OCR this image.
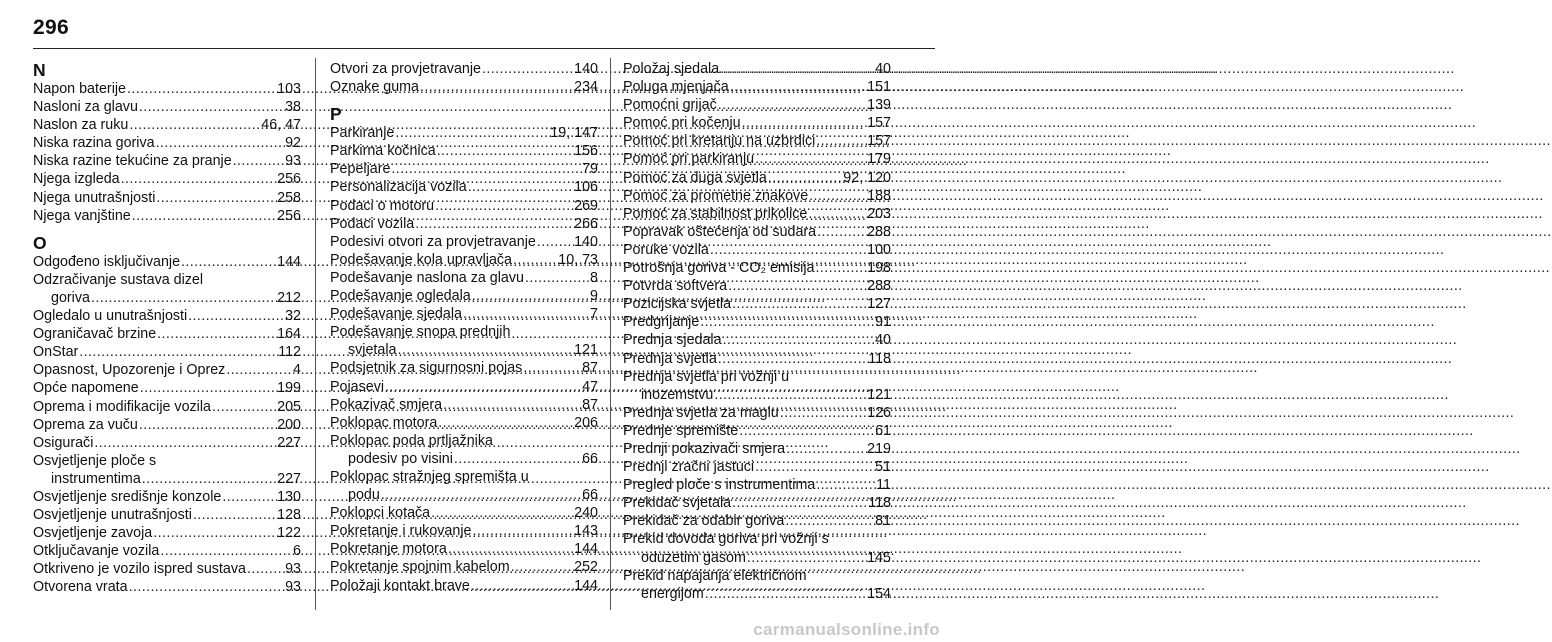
296
N
Napon baterije .....	103
Nasloni za glavu .....	38
Naslon za ruku .....	46, 47
Niska razina goriva .....	92
Niska razine tekućine za pranje .....	93
Njega izgleda .....	256
Njega unutrašnjosti .....	258
Njega vanjštine .....	256
O
Odgođeno isključivanje .....	144
Odzračivanje sustava dizel
goriva .....	212
Ogledalo u unutrašnjosti .....	32
Ograničavač brzine .....	164
OnStar .....	112
Opasnost, Upozorenje i Oprez .....	4
Opće napomene .....	199
Oprema i modifikacije vozila .....	205
Oprema za vuču .....	200
Osigurači .....	227
Osvjetljenje ploče s
instrumentima .....	227
Osvjetljenje središnje konzole .....	130
Osvjetljenje unutrašnjosti .....	128
Osvjetljenje zavoja .....	122
Otključavanje vozila .....	6
Otkriveno je vozilo ispred sustava .....	93
Otvorena vrata .....	93
Otvori za provjetravanje .....	140
Oznake guma .....	234
P
Parkiranje .....	19, 147
Parkirna kočnica .....	156
Pepeljare .....	79
Personalizacija vozila .....	106
Podaci o motoru .....	269
Podaci vozila .....	266
Podesivi otvori za provjetravanje .....	140
Podešavanje kola upravljača .....	10, 73
Podešavanje naslona za glavu .....	8
Podešavanje ogledala .....	9
Podešavanje sjedala .....	7
Podešavanje snopa prednjih
svjetala .....	121
Podsjetnik za sigurnosni pojas .....	87
Pojasevi .....	47
Pokazivač smjera .....	87
Poklopac motora .....	206
Poklopac poda prtljažnika
podesiv po visini .....	66
Poklopac stražnjeg spremišta u
podu .....	66
Poklopci kotača .....	240
Pokretanje i rukovanje .....	143
Pokretanje motora .....	144
Pokretanje spojnim kabelom .....	252
Položaji kontakt brave .....	144
Položaj sjedala .....	40
Poluga mjenjača .....	151
Pomoćni grijač .....	139
Pomoć pri kočenju .....	157
Pomoć pri kretanju na uzbrdici .....	157
Pomoć pri parkiranju .....	179
Pomoć za duga svjetla .....	92, 120
Pomoć za prometne znakove .....	188
Pomoć za stabilnost prikolice .....	203
Popravak oštećenja od sudara .....	288
Poruke vozila .....	100
Potrošnja goriva - CO₂ emisija .....	198
Potvrda softvera .....	288
Pozicijska svjetla .....	127
Predgrijanje .....	91
Prednja sjedala .....	40
Prednja svjetla .....	118
Prednja svjetla pri vožnji u
inozemstvu .....	121
Prednja svjetla za maglu .....	126
Prednje spremište .....	61
Prednji pokazivači smjera .....	219
Prednji zračni jastuci .....	51
Pregled ploče s instrumentima .....	11
Prekidač svjetala .....	118
Prekidač za odabir goriva .....	81
Prekid dovoda goriva pri vožnji s
oduzetim gasom .....	145
Prekid napajanja električnom
energijom .....	154
carmanualsonline.info
